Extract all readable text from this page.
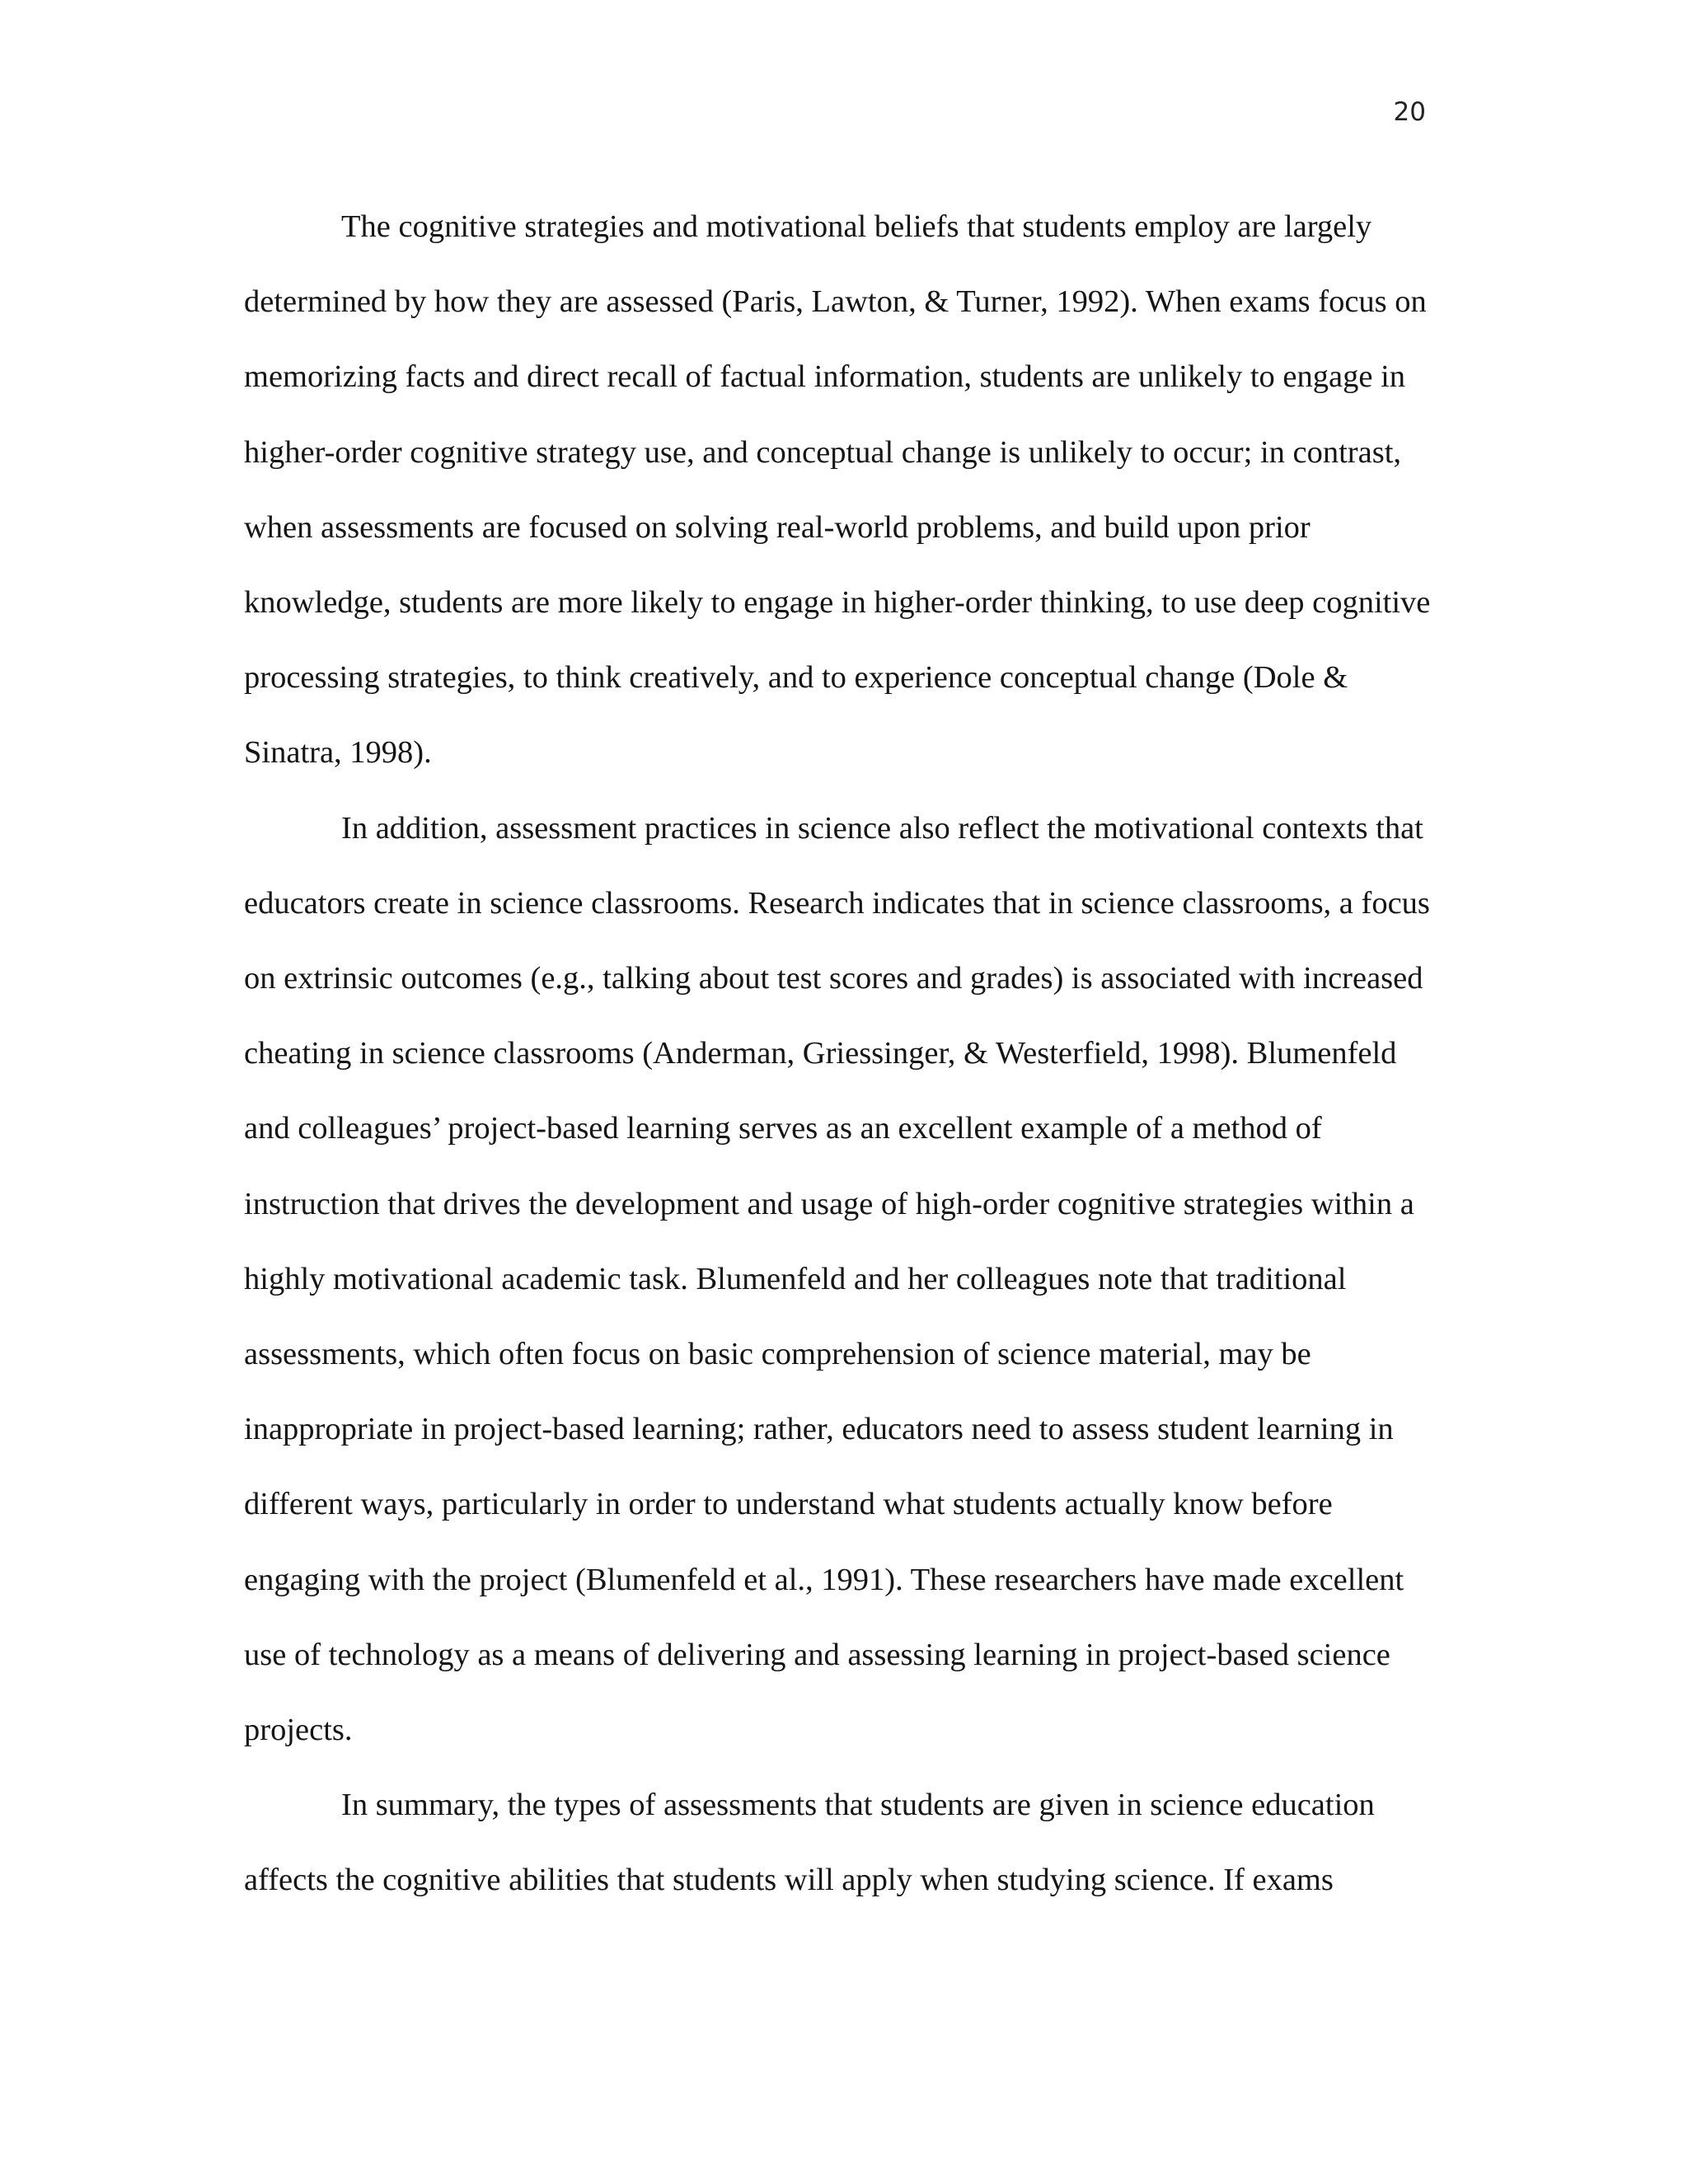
20

The cognitive strategies and motivational beliefs that students employ are largely determined by how they are assessed (Paris, Lawton, & Turner, 1992). When exams focus on memorizing facts and direct recall of factual information, students are unlikely to engage in higher-order cognitive strategy use, and conceptual change is unlikely to occur; in contrast, when assessments are focused on solving real-world problems, and build upon prior knowledge, students are more likely to engage in higher-order thinking, to use deep cognitive processing strategies, to think creatively, and to experience conceptual change (Dole & Sinatra, 1998).

In addition, assessment practices in science also reflect the motivational contexts that educators create in science classrooms. Research indicates that in science classrooms, a focus on extrinsic outcomes (e.g., talking about test scores and grades) is associated with increased cheating in science classrooms (Anderman, Griessinger, & Westerfield, 1998). Blumenfeld and colleagues’ project-based learning serves as an excellent example of a method of instruction that drives the development and usage of high-order cognitive strategies within a highly motivational academic task. Blumenfeld and her colleagues note that traditional assessments, which often focus on basic comprehension of science material, may be inappropriate in project-based learning; rather, educators need to assess student learning in different ways, particularly in order to understand what students actually know before engaging with the project (Blumenfeld et al., 1991). These researchers have made excellent use of technology as a means of delivering and assessing learning in project-based science projects.

In summary, the types of assessments that students are given in science education affects the cognitive abilities that students will apply when studying science. If exams
